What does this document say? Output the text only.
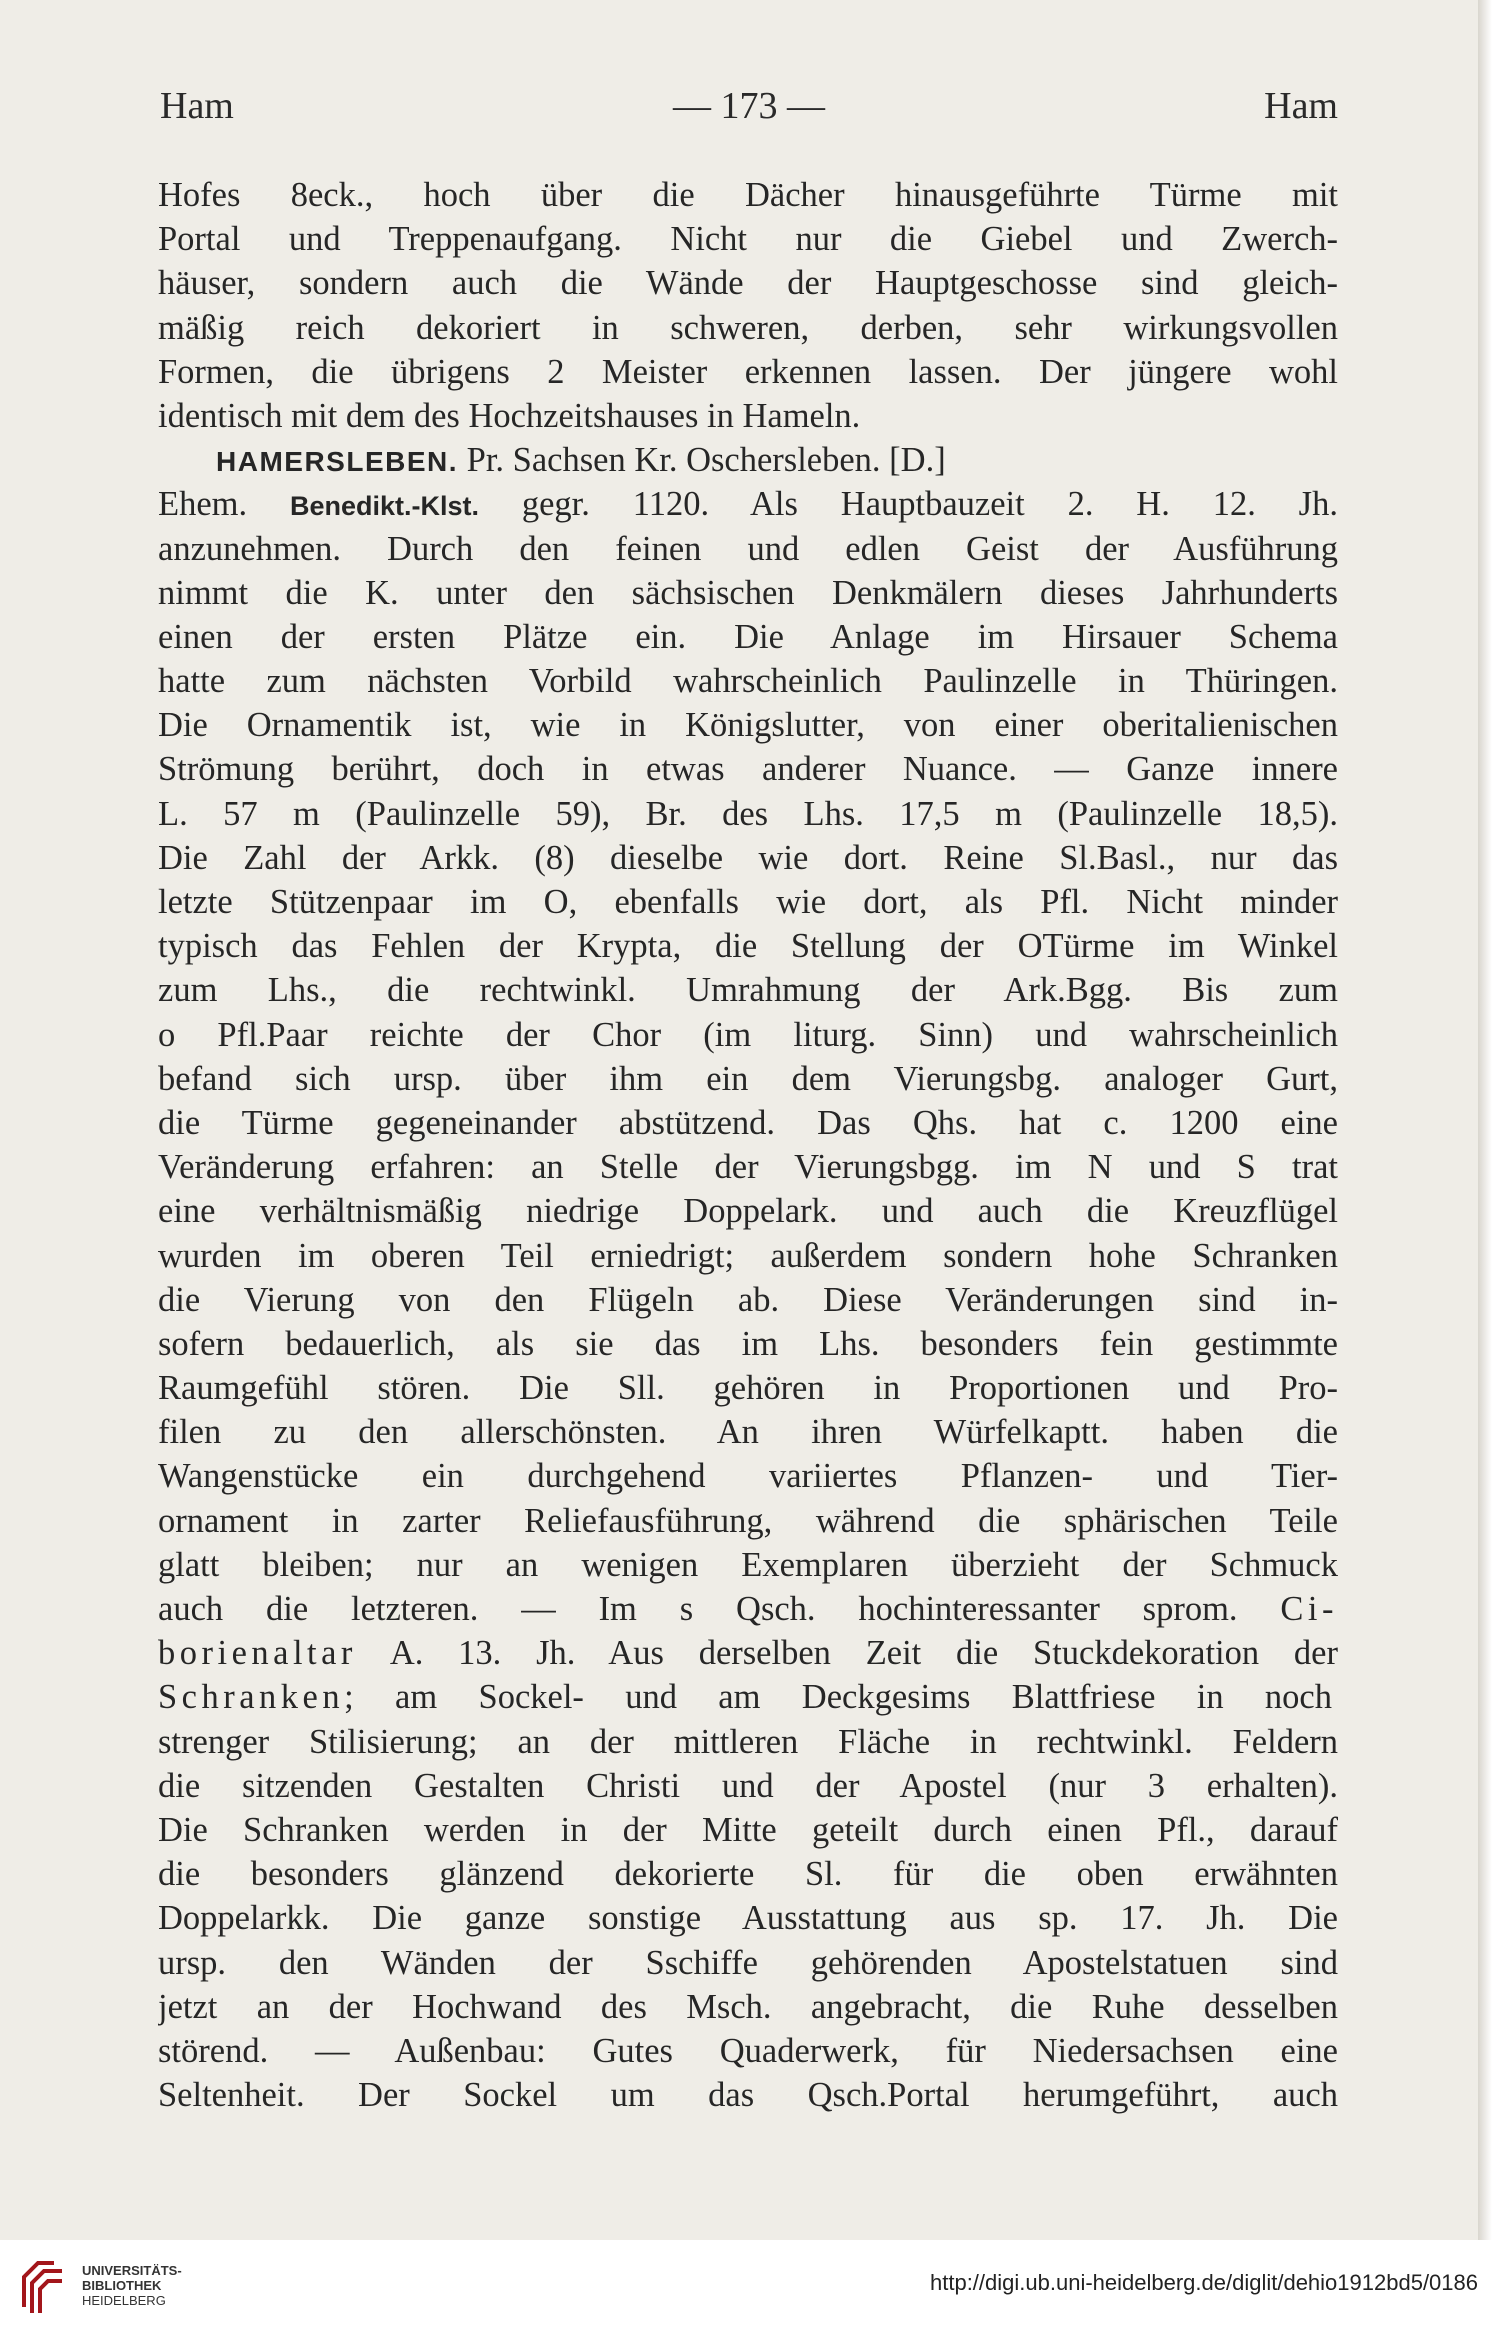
Ham	— 173 —	Ham
Hofes 8eck., hoch über die Dächer hinausgeführte Türme mit
Portal und Treppenaufgang. Nicht nur die Giebel und Zwerch-
häuser, sondern auch die Wände der Hauptgeschosse sind gleich-
mäßig reich dekoriert in schweren, derben, sehr wirkungsvollen
Formen, die übrigens 2 Meister erkennen lassen. Der jüngere wohl
identisch mit dem des Hochzeitshauses in Hameln.
HAMERSLEBEN. Pr. Sachsen Kr. Oschersleben. [D.]
Ehem. Benedikt.-Klst. gegr. 1120. Als Hauptbauzeit 2. H. 12. Jh.
anzunehmen. Durch den feinen und edlen Geist der Ausführung
nimmt die K. unter den sächsischen Denkmälern dieses Jahrhunderts
einen der ersten Plätze ein. Die Anlage im Hirsauer Schema
hatte zum nächsten Vorbild wahrscheinlich Paulinzelle in Thüringen.
Die Ornamentik ist, wie in Königslutter, von einer oberitalienischen
Strömung berührt, doch in etwas anderer Nuance. — Ganze innere
L. 57 m (Paulinzelle 59), Br. des Lhs. 17,5 m (Paulinzelle 18,5).
Die Zahl der Arkk. (8) dieselbe wie dort. Reine Sl.Basl., nur das
letzte Stützenpaar im O, ebenfalls wie dort, als Pfl. Nicht minder
typisch das Fehlen der Krypta, die Stellung der OTürme im Winkel
zum Lhs., die rechtwinkl. Umrahmung der Ark.Bgg. Bis zum
o Pfl.Paar reichte der Chor (im liturg. Sinn) und wahrscheinlich
befand sich ursp. über ihm ein dem Vierungsbg. analoger Gurt,
die Türme gegeneinander abstützend. Das Qhs. hat c. 1200 eine
Veränderung erfahren: an Stelle der Vierungsbgg. im N und S trat
eine verhältnismäßig niedrige Doppelark. und auch die Kreuzflügel
wurden im oberen Teil erniedrigt; außerdem sondern hohe Schranken
die Vierung von den Flügeln ab. Diese Veränderungen sind in-
sofern bedauerlich, als sie das im Lhs. besonders fein gestimmte
Raumgefühl stören. Die Sll. gehören in Proportionen und Pro-
filen zu den allerschönsten. An ihren Würfelkaptt. haben die
Wangenstücke ein durchgehend variiertes Pflanzen- und Tier-
ornament in zarter Reliefausführung, während die sphärischen Teile
glatt bleiben; nur an wenigen Exemplaren überzieht der Schmuck
auch die letzteren. — Im s Qsch. hochinteressanter sprom. Ci-
borienaltar A. 13. Jh. Aus derselben Zeit die Stuckdekoration der
Schranken; am Sockel- und am Deckgesims Blattfriese in noch
strenger Stilisierung; an der mittleren Fläche in rechtwinkl. Feldern
die sitzenden Gestalten Christi und der Apostel (nur 3 erhalten).
Die Schranken werden in der Mitte geteilt durch einen Pfl., darauf
die besonders glänzend dekorierte Sl. für die oben erwähnten
Doppelarkk. Die ganze sonstige Ausstattung aus sp. 17. Jh. Die
ursp. den Wänden der Sschiffe gehörenden Apostelstatuen sind
jetzt an der Hochwand des Msch. angebracht, die Ruhe desselben
störend. — Außenbau: Gutes Quaderwerk, für Niedersachsen eine
Seltenheit. Der Sockel um das Qsch.Portal herumgeführt, auch
UNIVERSITÄTS-
BIBLIOTHEK
HEIDELBERG
http://digi.ub.uni-heidelberg.de/diglit/dehio1912bd5/0186
